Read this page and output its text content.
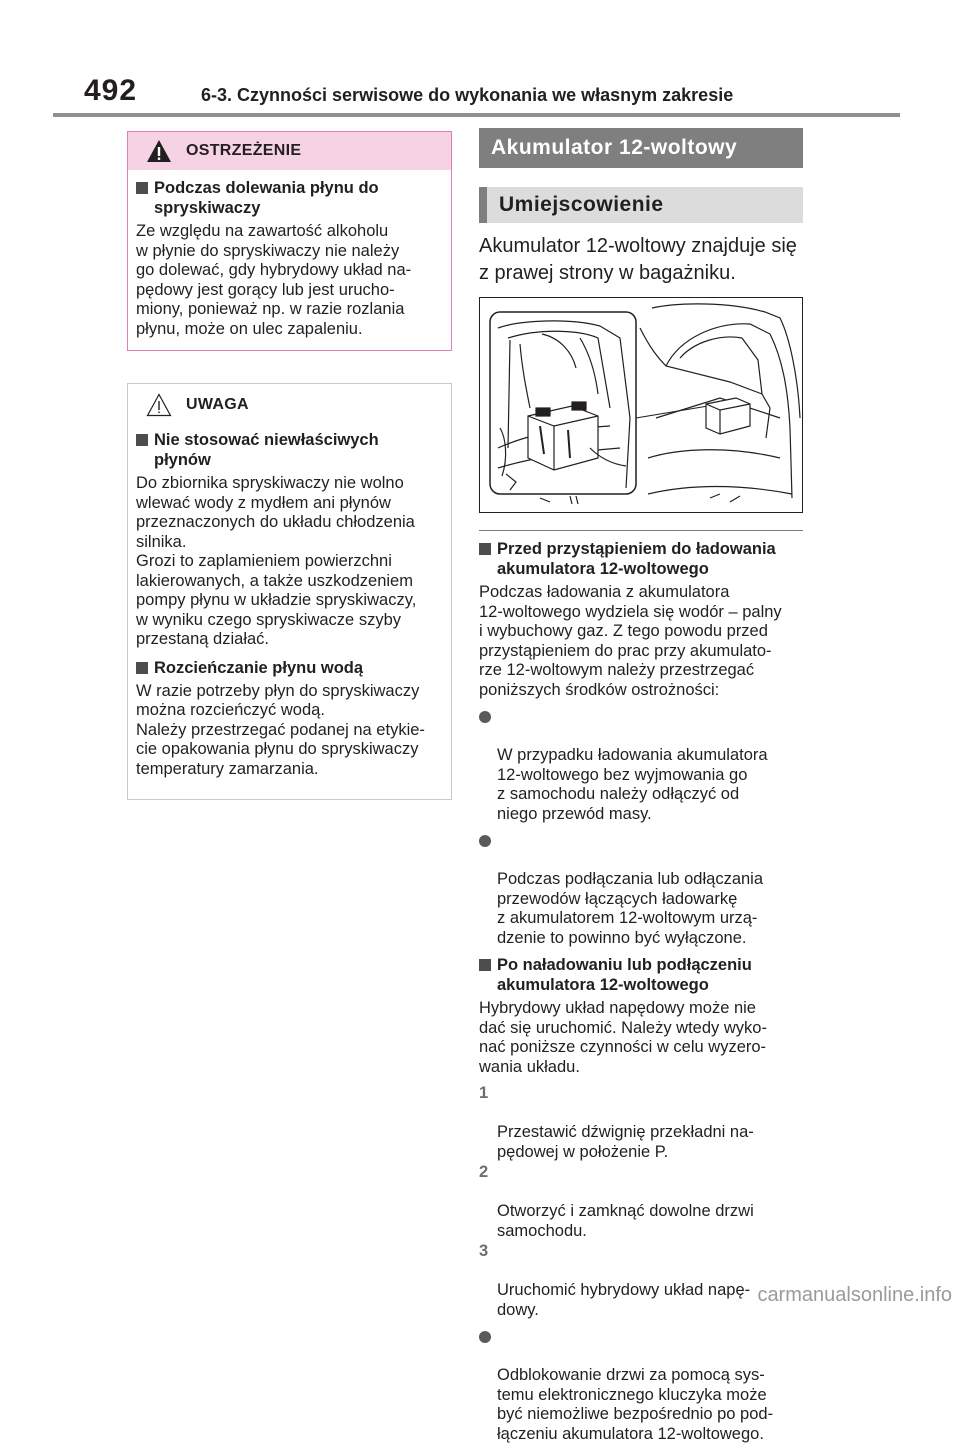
492	6-3. Czynności serwisowe do wykonania we własnym zakresie
OSTRZEŻENIE
Podczas dolewania płynu do
spryskiwaczy

Ze względu na zawartość alkoholu
w płynie do spryskiwaczy nie należy
go dolewać, gdy hybrydowy układ na-
pędowy jest gorący lub jest urucho-
miony, ponieważ np. w razie rozlania
płynu, może on ulec zapaleniu.

UWAGA
Nie stosować niewłaściwych
płynów

Do zbiornika spryskiwaczy nie wolno
wlewać wody z mydłem ani płynów
przeznaczonych do układu chłodzenia
silnika.
Grozi to zaplamieniem powierzchni
lakierowanych, a także uszkodzeniem
pompy płynu w układzie spryskiwaczy,
w wyniku czego spryskiwacze szyby
przestaną działać.

Rozcieńczanie płynu wodą

W razie potrzeby płyn do spryskiwaczy
można rozcieńczyć wodą.
Należy przestrzegać podanej na etykie-
cie opakowania płynu do spryskiwaczy
temperatury zamarzania.

Akumulator 12-woltowy
Umiejscowienie
Akumulator 12-woltowy znajduje się
z prawej strony w bagażniku.
Przed przystąpieniem do ładowania
akumulatora 12-woltowego

Podczas ładowania z akumulatora
12-woltowego wydziela się wodór – palny
i wybuchowy gaz. Z tego powodu przed
przystąpieniem do prac przy akumulato-
rze 12-woltowym należy przestrzegać
poniższych środków ostrożności:

W przypadku ładowania akumulatora
12-woltowego bez wyjmowania go
z samochodu należy odłączyć od
niego przewód masy.

Podczas podłączania lub odłączania
przewodów łączących ładowarkę
z akumulatorem 12-woltowym urzą-
dzenie to powinno być wyłączone.

Po naładowaniu lub podłączeniu
akumulatora 12-woltowego

Hybrydowy układ napędowy może nie
dać się uruchomić. Należy wtedy wyko-
nać poniższe czynności w celu wyzero-
wania układu.

1

Przestawić dźwignię przekładni na-
pędowej w położenie P.

2

Otworzyć i zamknąć dowolne drzwi
samochodu.

3

Uruchomić hybrydowy układ napę-
dowy.

Odblokowanie drzwi za pomocą sys-
temu elektronicznego kluczyka może
być niemożliwe bezpośrednio po pod-
łączeniu akumulatora 12-woltowego.

carmanualsonline.info
